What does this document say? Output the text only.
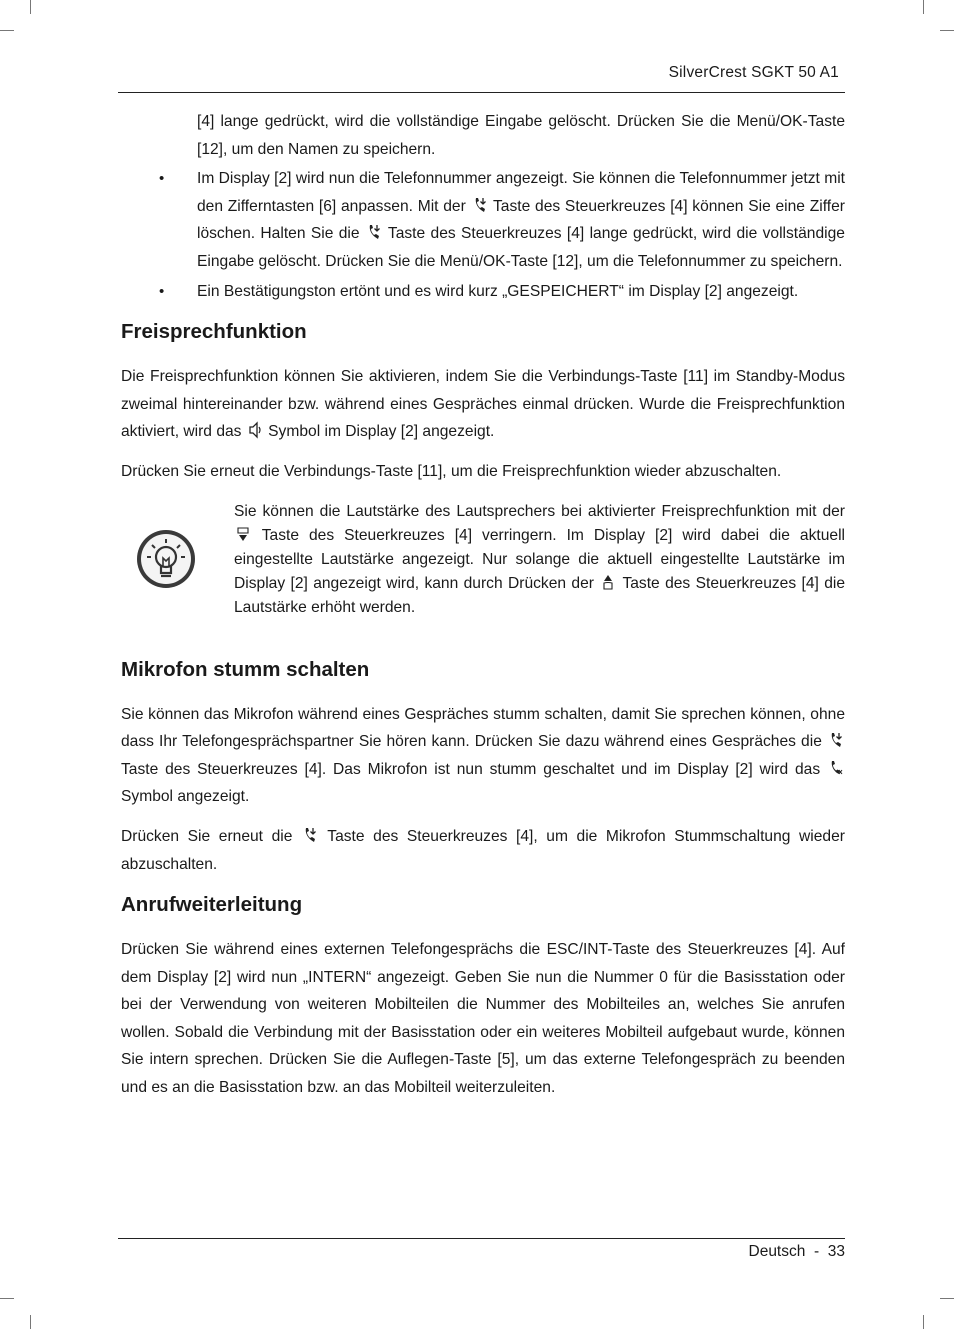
SilverCrest SGKT 50 A1

[4] lange gedrückt, wird die vollständige Eingabe gelöscht. Drücken Sie die Menü/OK-Taste [12], um den Namen zu speichern.

• Im Display [2] wird nun die Telefonnummer angezeigt. Sie können die Telefonnummer jetzt mit den Zifferntasten [6] anpassen. Mit der Taste des Steuerkreuzes [4] können Sie eine Ziffer löschen. Halten Sie die Taste des Steuerkreuzes [4] lange gedrückt, wird die vollständige Eingabe gelöscht. Drücken Sie die Menü/OK-Taste [12], um die Telefonnummer zu speichern.
• Ein Bestätigungston ertönt und es wird kurz „GESPEICHERT“ im Display [2] angezeigt.
Freisprechfunktion

Die Freisprechfunktion können Sie aktivieren, indem Sie die Verbindungs-Taste [11] im Standby-Modus zweimal hintereinander bzw. während eines Gespräches einmal drücken. Wurde die Freisprechfunktion aktiviert, wird das Symbol im Display [2] angezeigt.

Drücken Sie erneut die Verbindungs-Taste [11], um die Freisprechfunktion wieder abzuschalten.

Sie können die Lautstärke des Lautsprechers bei aktivierter Freisprechfunktion mit der  Taste des Steuerkreuzes [4] verringern. Im Display [2] wird dabei die aktuell eingestellte Lautstärke angezeigt. Nur solange die aktuell eingestellte Lautstärke im Display [2] angezeigt wird, kann durch Drücken der Taste des Steuerkreuzes [4] die Lautstärke erhöht werden.

Mikrofon stumm schalten

Sie können das Mikrofon während eines Gespräches stumm schalten, damit Sie sprechen können, ohne dass Ihr Telefongesprächspartner Sie hören kann. Drücken Sie dazu während eines Gespräches die  Taste des Steuerkreuzes [4]. Das Mikrofon ist nun stumm geschaltet und im Display [2] wird das  Symbol angezeigt.

Drücken Sie erneut die Taste des Steuerkreuzes [4], um die Mikrofon Stummschaltung wieder abzuschalten.

Anrufweiterleitung

Drücken Sie während eines externen Telefongesprächs die ESC/INT-Taste des Steuerkreuzes [4]. Auf dem Display [2] wird nun „INTERN“ angezeigt. Geben Sie nun die Nummer 0 für die Basisstation oder bei der Verwendung von weiteren Mobilteilen die Nummer des Mobilteiles an, welches Sie anrufen wollen. Sobald die Verbindung mit der Basisstation oder ein weiteres Mobilteil aufgebaut wurde, können Sie intern sprechen. Drücken Sie die Auflegen-Taste [5], um das externe Telefongespräch zu beenden und es an die Basisstation bzw. an das Mobilteil weiterzuleiten.

Deutsch  -  33
